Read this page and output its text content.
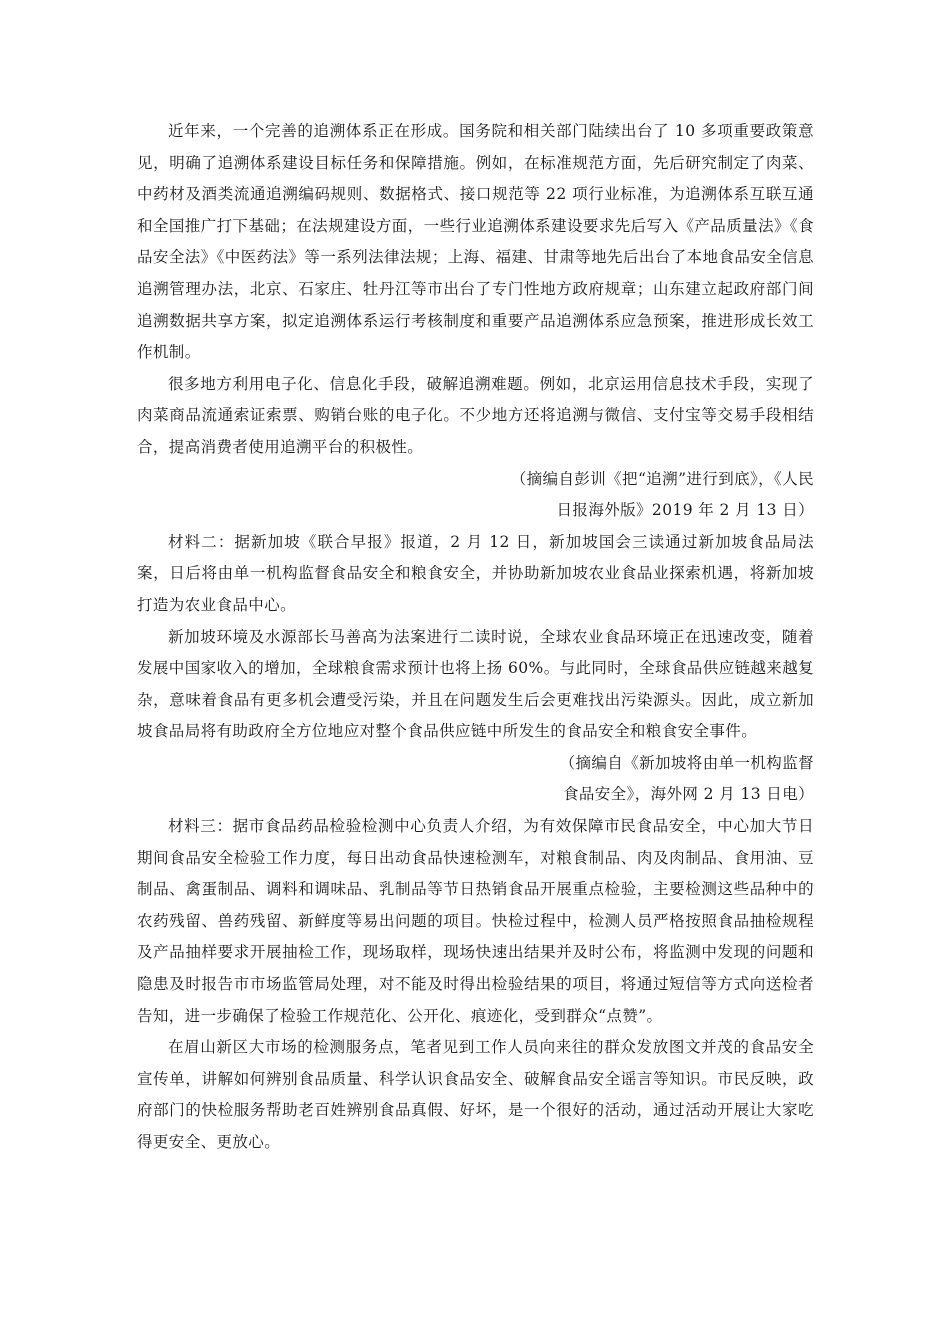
近年来，一个完善的追溯体系正在形成。国务院和相关部门陆续出台了 10 多项重要政策意见，明确了追溯体系建设目标任务和保障措施。例如，在标准规范方面，先后研究制定了肉菜、中药材及酒类流通追溯编码规则、数据格式、接口规范等 22 项行业标准，为追溯体系互联互通和全国推广打下基础；在法规建设方面，一些行业追溯体系建设要求先后写入《产品质量法》《食品安全法》《中医药法》等一系列法律法规；上海、福建、甘肃等地先后出台了本地食品安全信息追溯管理办法，北京、石家庄、牡丹江等市出台了专门性地方政府规章；山东建立起政府部门间追溯数据共享方案，拟定追溯体系运行考核制度和重要产品追溯体系应急预案，推进形成长效工作机制。

很多地方利用电子化、信息化手段，破解追溯难题。例如，北京运用信息技术手段，实现了肉菜商品流通索证索票、购销台账的电子化。不少地方还将追溯与微信、支付宝等交易手段相结合，提高消费者使用追溯平台的积极性。

（摘编自彭训《把“追溯”进行到底》，《人民
日报海外版》2019 年 2 月 13 日）

材料二：据新加坡《联合早报》报道，2 月 12 日，新加坡国会三读通过新加坡食品局法案，日后将由单一机构监督食品安全和粮食安全，并协助新加坡农业食品业探索机遇，将新加坡打造为农业食品中心。

新加坡环境及水源部长马善高为法案进行二读时说，全球农业食品环境正在迅速改变，随着发展中国家收入的增加，全球粮食需求预计也将上扬 60%。与此同时，全球食品供应链越来越复杂，意味着食品有更多机会遭受污染，并且在问题发生后会更难找出污染源头。因此，成立新加坡食品局将有助政府全方位地应对整个食品供应链中所发生的食品安全和粮食安全事件。

（摘编自《新加坡将由单一机构监督
食品安全》，海外网 2 月 13 日电）

材料三：据市食品药品检验检测中心负责人介绍，为有效保障市民食品安全，中心加大节日期间食品安全检验工作力度，每日出动食品快速检测车，对粮食制品、肉及肉制品、食用油、豆制品、禽蛋制品、调料和调味品、乳制品等节日热销食品开展重点检验，主要检测这些品种中的农药残留、兽药残留、新鲜度等易出问题的项目。快检过程中，检测人员严格按照食品抽检规程及产品抽样要求开展抽检工作，现场取样，现场快速出结果并及时公布，将监测中发现的问题和隐患及时报告市市场监管局处理，对不能及时得出检验结果的项目，将通过短信等方式向送检者告知，进一步确保了检验工作规范化、公开化、痕迹化，受到群众“点赞”。

在眉山新区大市场的检测服务点，笔者见到工作人员向来往的群众发放图文并茂的食品安全宣传单，讲解如何辨别食品质量、科学认识食品安全、破解食品安全谣言等知识。市民反映，政府部门的快检服务帮助老百姓辨别食品真假、好坏，是一个很好的活动，通过活动开展让大家吃得更安全、更放心。
